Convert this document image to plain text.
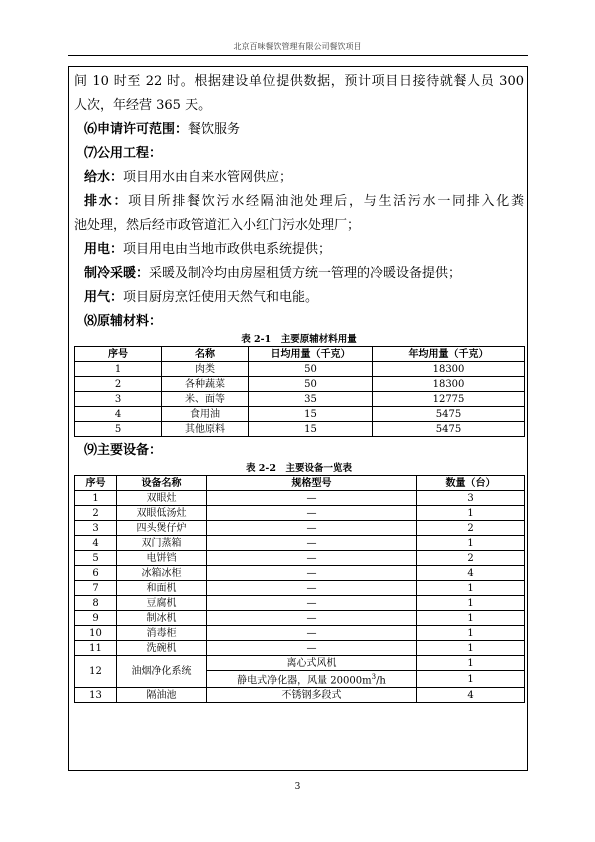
北京百味餐饮管理有限公司餐饮项目

间 10 时至 22 时。根据建设单位提供数据，预计项目日接待就餐人员 300

人次，年经营 365 天。

⑹申请许可范围：餐饮服务

⑺公用工程：

给水：项目用水由自来水管网供应；

排水：项目所排餐饮污水经隔油池处理后，与生活污水一同排入化粪

池处理，然后经市政管道汇入小红门污水处理厂；

用电：项目用电由当地市政供电系统提供；

制冷采暖：采暖及制冷均由房屋租赁方统一管理的冷暖设备提供；

用气：项目厨房烹饪使用天然气和电能。

⑻原辅材料：

表 2-1　主要原辅材料用量

序号	名称	日均用量（千克）	年均用量（千克）
1	肉类	50	18300
2	各种蔬菜	50	18300
3	米、面等	35	12775
4	食用油	15	5475
5	其他原料	15	5475

⑼主要设备：

表 2-2　主要设备一览表

序号	设备名称	规格型号	数量（台）
1	双眼灶	—	3
2	双眼低汤灶	—	1
3	四头煲仔炉	—	2
4	双门蒸箱	—	1
5	电饼铛	—	2
6	冰箱冰柜	—	4
7	和面机	—	1
8	豆腐机	—	1
9	制冰机	—	1
10	消毒柜	—	1
11	洗碗机	—	1
12	油烟净化系统	离心式风机	1
		静电式净化器，风量 $20000m^3/h$	1
13	隔油池	不锈钢多段式	4
3
